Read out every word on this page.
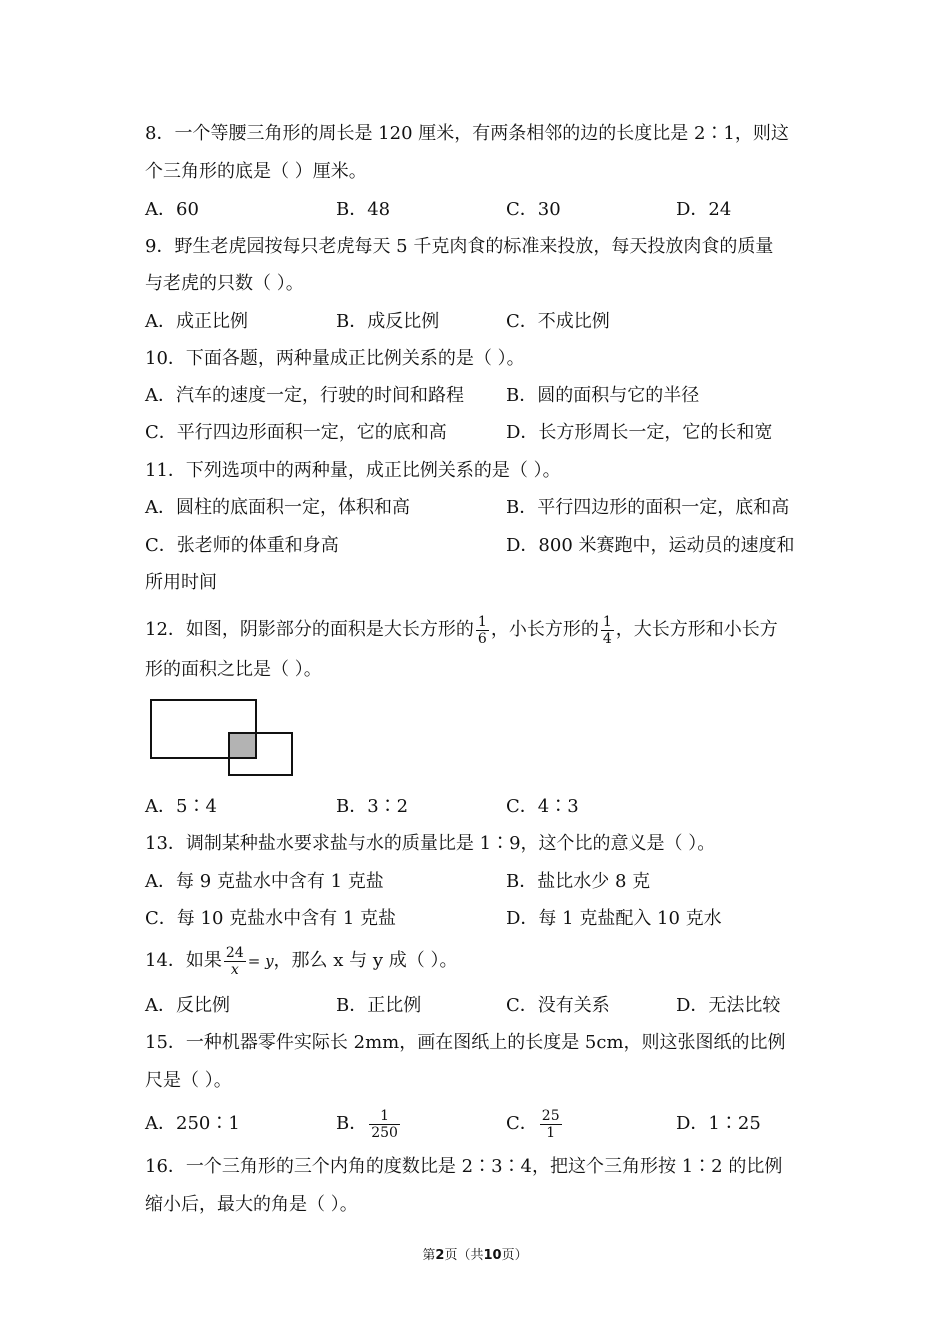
8．一个等腰三角形的周长是 120 厘米，有两条相邻的边的长度比是 2∶1，则这
个三角形的底是（ ）厘米。
A．60	B．48	C．30	D．24
9．野生老虎园按每只老虎每天 5 千克肉食的标准来投放，每天投放肉食的质量
与老虎的只数（ ）。
A．成正比例	B．成反比例	C．不成比例
10．下面各题，两种量成正比例关系的是（ ）。
A．汽车的速度一定，行驶的时间和路程 B．圆的面积与它的半径
C．平行四边形面积一定，它的底和高	D．长方形周长一定，它的长和宽
11．下列选项中的两种量，成正比例关系的是（ ）。
A．圆柱的底面积一定，体积和高	B．平行四边形的面积一定，底和高
C．张老师的体重和身高	D．800 米赛跑中，运动员的速度和
所用时间
12．如图，阴影部分的面积是大长方形的 $\frac{1}{6}$ ，小长方形的 $\frac{1}{4}$ ，大长方形和小长方
形的面积之比是（ ）。
A．5∶4	B．3∶2	C．4∶3
13．调制某种盐水要求盐与水的质量比是 1∶9，这个比的意义是（ ）。
A．每 9 克盐水中含有 1 克盐	B．盐比水少 8 克
C．每 10 克盐水中含有 1 克盐	D．每 1 克盐配入 10 克水
14．如果 $\frac{24}{x} = y$，那么 x 与 y 成（ ）。
A．反比例	B．正比例	C．没有关系	D．无法比较
15．一种机器零件实际长 2mm，画在图纸上的长度是 5cm，则这张图纸的比例
尺是（ ）。
A．250∶1	B． $\frac{1}{250}$	C． $\frac{25}{1}$	D．1∶25
16．一个三角形的三个内角的度数比是 2∶3∶4，把这个三角形按 1∶2 的比例
缩小后，最大的角是（ ）。
第2页（共10页）
